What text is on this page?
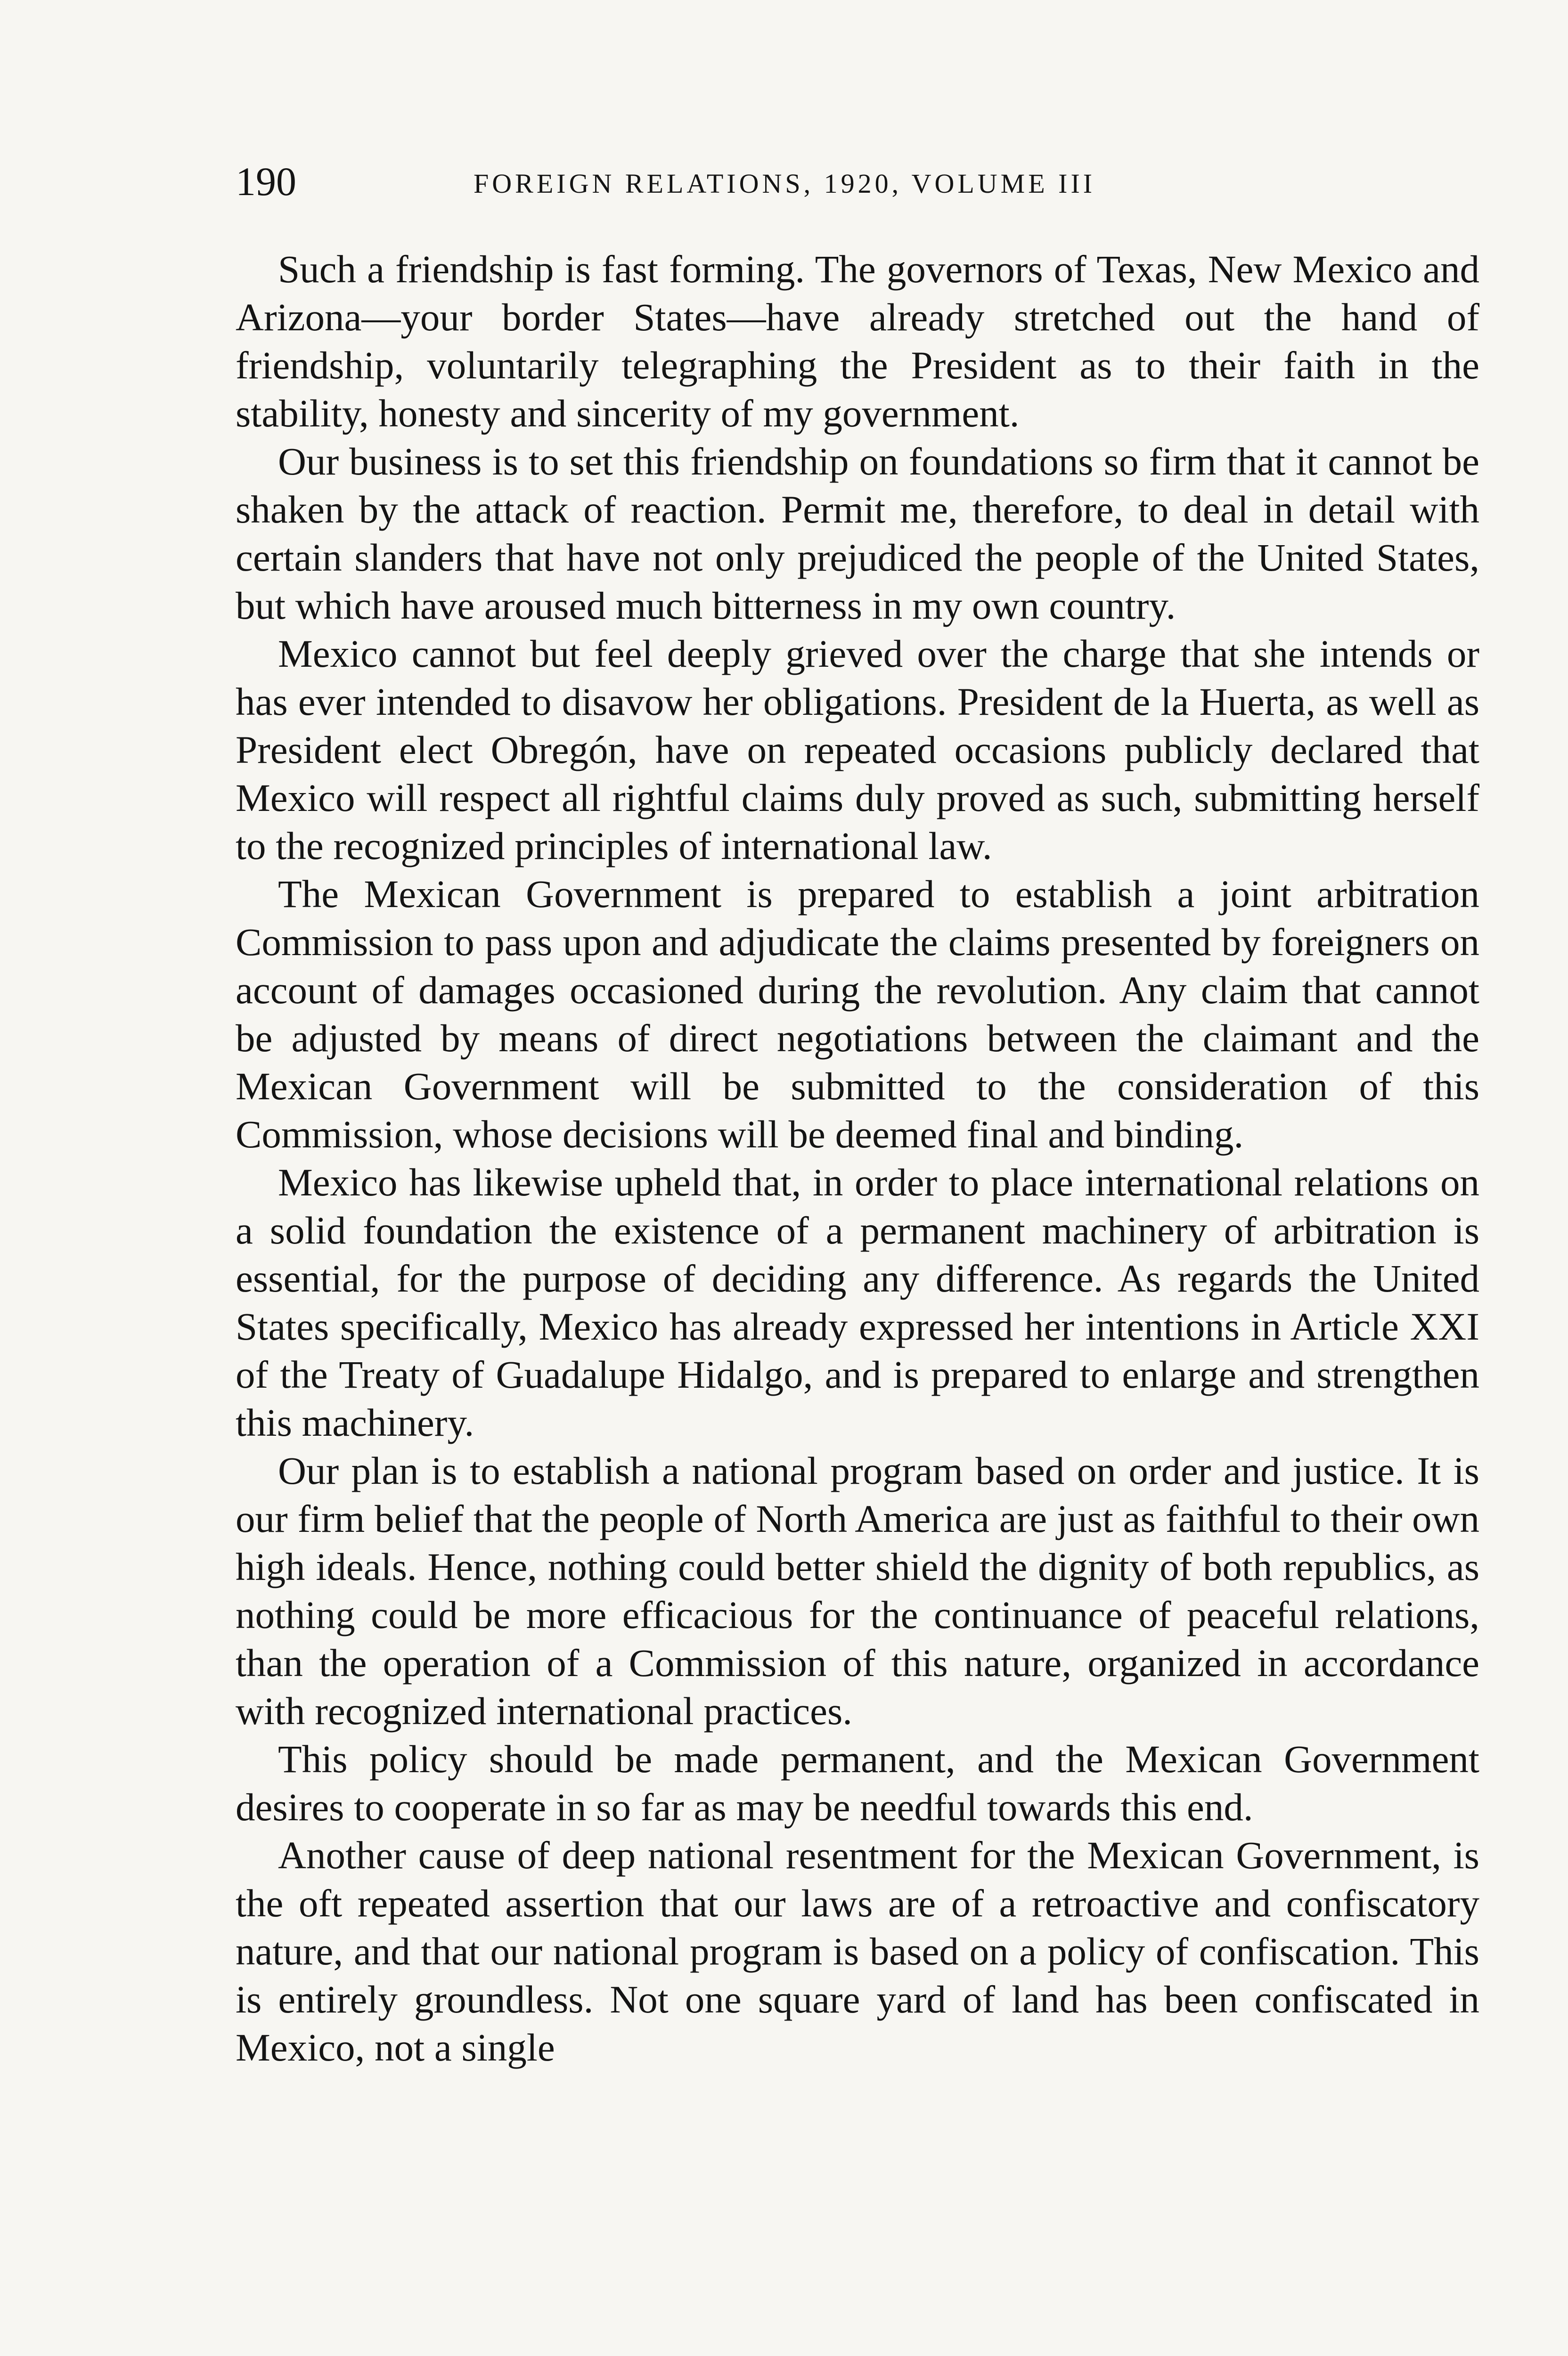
190	FOREIGN RELATIONS, 1920, VOLUME III

Such a friendship is fast forming. The governors of Texas, New Mexico and Arizona—your border States—have already stretched out the hand of friendship, voluntarily telegraphing the President as to their faith in the stability, honesty and sincerity of my government.

Our business is to set this friendship on foundations so firm that it cannot be shaken by the attack of reaction. Permit me, therefore, to deal in detail with certain slanders that have not only prejudiced the people of the United States, but which have aroused much bitterness in my own country.

Mexico cannot but feel deeply grieved over the charge that she intends or has ever intended to disavow her obligations. President de la Huerta, as well as President elect Obregón, have on repeated occasions publicly declared that Mexico will respect all rightful claims duly proved as such, submitting herself to the recognized principles of international law.

The Mexican Government is prepared to establish a joint arbitration Commission to pass upon and adjudicate the claims presented by foreigners on account of damages occasioned during the revolution. Any claim that cannot be adjusted by means of direct negotiations between the claimant and the Mexican Government will be submitted to the consideration of this Commission, whose decisions will be deemed final and binding.

Mexico has likewise upheld that, in order to place international relations on a solid foundation the existence of a permanent machinery of arbitration is essential, for the purpose of deciding any difference. As regards the United States specifically, Mexico has already expressed her intentions in Article XXI of the Treaty of Guadalupe Hidalgo, and is prepared to enlarge and strengthen this machinery.

Our plan is to establish a national program based on order and justice. It is our firm belief that the people of North America are just as faithful to their own high ideals. Hence, nothing could better shield the dignity of both republics, as nothing could be more efficacious for the continuance of peaceful relations, than the operation of a Commission of this nature, organized in accordance with recognized international practices.

This policy should be made permanent, and the Mexican Government desires to cooperate in so far as may be needful towards this end.

Another cause of deep national resentment for the Mexican Government, is the oft repeated assertion that our laws are of a retroactive and confiscatory nature, and that our national program is based on a policy of confiscation. This is entirely groundless. Not one square yard of land has been confiscated in Mexico, not a single
